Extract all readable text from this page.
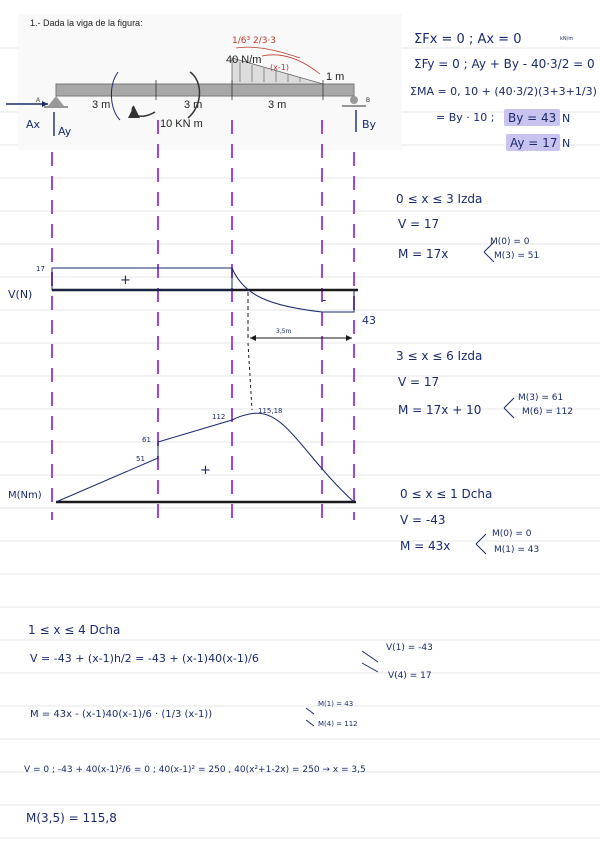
1.- Dada la viga de la figura:
40 N/m
1/6³ 2/3·3
(x-1)
3 m	3 m	3 m
1 m
A	B
10 KN m
Ax
Ay
By
ΣFx = 0 ; Ax = 0	kN/m
ΣFy = 0 ; Ay + By - 40·3/2 = 0
ΣMA = 0, 10 + (40·3/2)(3+3+1/3)
= By · 10 ; By = 43 N
Ay = 17 N
0 ≤ x ≤ 3 Izda
V = 17
M = 17x
M(0) = 0
M(3) = 51
V(N)
17
+
-
43
3,5m
3 ≤ x ≤ 6 Izda
V = 17
M = 17x + 10
M(3) = 61
M(6) = 112
M(Nm)
51
61
112
115,18
+
0 ≤ x ≤ 1 Dcha
V = -43
M = 43x
M(0) = 0
M(1) = 43
1 ≤ x ≤ 4 Dcha
V = -43 + (x-1)h/2 = -43 + (x-1)40(x-1)/6
V(1) = -43
V(4) = 17
M = 43x - (x-1)40(x-1)/6 · (1/3 (x-1))
M(1) = 43
M(4) = 112
V = 0 ; -43 + 40(x-1)²/6 = 0 ; 40(x-1)² = 250 , 40(x²+1-2x) = 250 → x = 3,5
M(3,5) = 115,8
